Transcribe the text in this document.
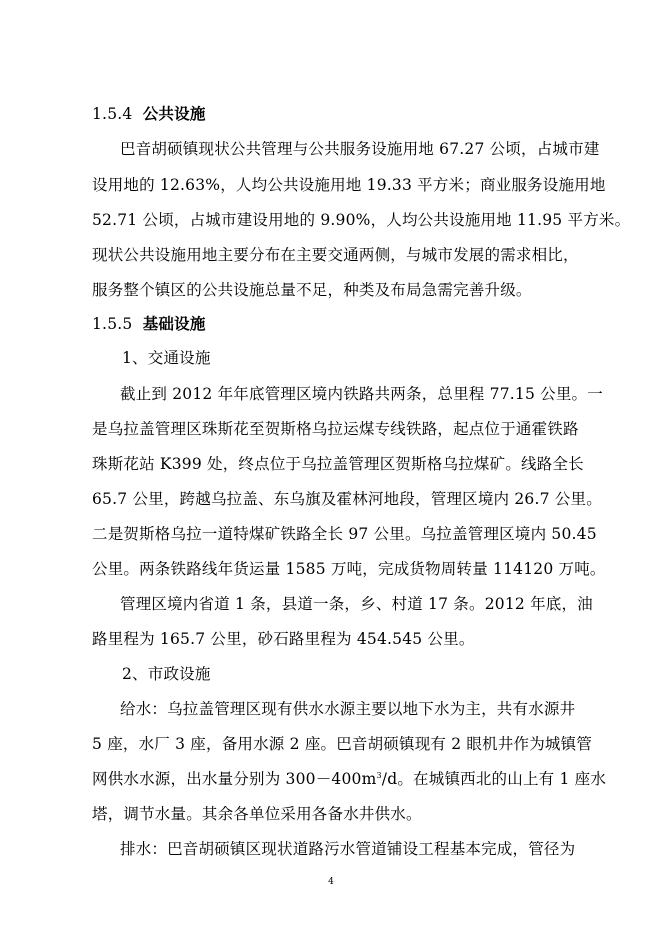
1.5.4 公共设施
巴音胡硕镇现状公共管理与公共服务设施用地 67.27 公顷，占城市建
设用地的 12.63%，人均公共设施用地 19.33 平方米；商业服务设施用地
52.71 公顷，占城市建设用地的 9.90%，人均公共设施用地 11.95 平方米。
现状公共设施用地主要分布在主要交通两侧，与城市发展的需求相比，
服务整个镇区的公共设施总量不足，种类及布局急需完善升级。
1.5.5 基础设施
1、交通设施
截止到 2012 年年底管理区境内铁路共两条，总里程 77.15 公里。一
是乌拉盖管理区珠斯花至贺斯格乌拉运煤专线铁路，起点位于通霍铁路
珠斯花站 K399 处，终点位于乌拉盖管理区贺斯格乌拉煤矿。线路全长
65.7 公里，跨越乌拉盖、东乌旗及霍林河地段，管理区境内 26.7 公里。
二是贺斯格乌拉一道特煤矿铁路全长 97 公里。乌拉盖管理区境内 50.45
公里。两条铁路线年货运量 1585 万吨，完成货物周转量 114120 万吨。
管理区境内省道 1 条，县道一条，乡、村道 17 条。2012 年底，油
路里程为 165.7 公里，砂石路里程为 454.545 公里。
2、市政设施
给水：乌拉盖管理区现有供水水源主要以地下水为主，共有水源井
5 座，水厂 3 座，备用水源 2 座。巴音胡硕镇现有 2 眼机井作为城镇管
网供水水源，出水量分别为 $300-400m^3/d$。在城镇西北的山上有 1 座水
塔，调节水量。其余各单位采用各备水井供水。
排水：巴音胡硕镇区现状道路污水管道铺设工程基本完成，管径为
4
